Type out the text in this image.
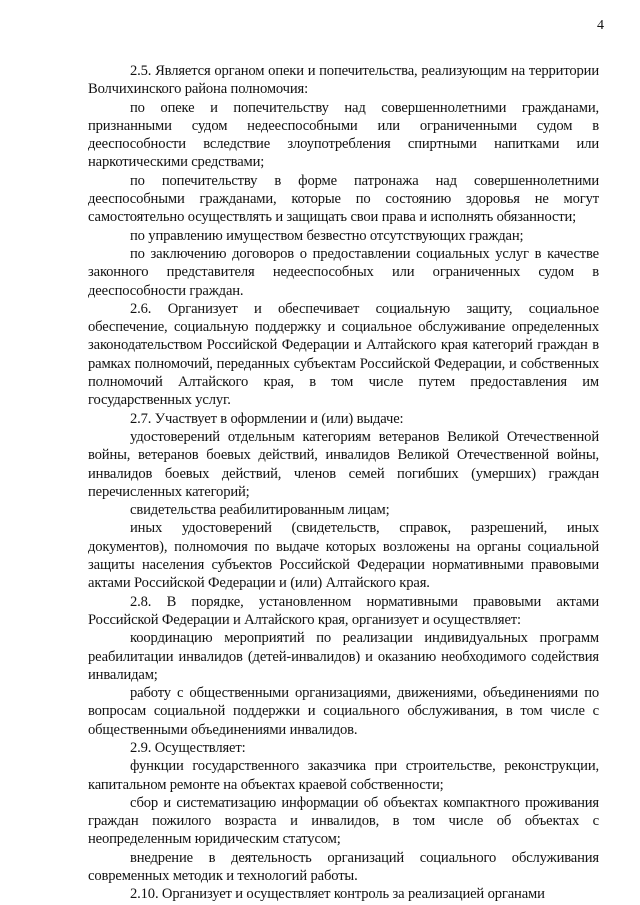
4

2.5. Является органом опеки и попечительства, реализующим на территории Волчихинского района полномочия:

по опеке и попечительству над совершеннолетними гражданами, признанными судом недееспособными или ограниченными судом в дееспособности вследствие злоупотребления спиртными напитками или наркотическими средствами;

по попечительству в форме патронажа над совершеннолетними дееспособными гражданами, которые по состоянию здоровья не могут самостоятельно осуществлять и защищать свои права и исполнять обязанности;

по управлению имуществом безвестно отсутствующих граждан;

по заключению договоров о предоставлении социальных услуг в качестве законного представителя недееспособных или ограниченных судом в дееспособности граждан.

2.6. Организует и обеспечивает социальную защиту, социальное обеспечение, социальную поддержку и социальное обслуживание определенных законодательством Российской Федерации и Алтайского края категорий граждан в рамках полномочий, переданных субъектам Российской Федерации, и собственных полномочий Алтайского края, в том числе путем предоставления им государственных услуг.

2.7. Участвует в оформлении и (или) выдаче:

удостоверений отдельным категориям ветеранов Великой Отечественной войны, ветеранов боевых действий, инвалидов Великой Отечественной войны, инвалидов боевых действий, членов семей погибших (умерших) граждан перечисленных категорий;

свидетельства реабилитированным лицам;

иных удостоверений (свидетельств, справок, разрешений, иных документов), полномочия по выдаче которых возложены на органы социальной защиты населения субъектов Российской Федерации нормативными правовыми актами Российской Федерации и (или) Алтайского края.

2.8. В порядке, установленном нормативными правовыми актами Российской Федерации и Алтайского края, организует и осуществляет:

координацию мероприятий по реализации индивидуальных программ реабилитации инвалидов (детей-инвалидов) и оказанию необходимого содействия инвалидам;

работу с общественными организациями, движениями, объединениями по вопросам социальной поддержки и социального обслуживания, в том числе с общественными объединениями инвалидов.

2.9. Осуществляет:

функции государственного заказчика при строительстве, реконструкции, капитальном ремонте на объектах краевой собственности;

сбор и систематизацию информации об объектах компактного проживания граждан пожилого возраста и инвалидов, в том числе об объектах с неопределенным юридическим статусом;

внедрение в деятельность организаций социального обслуживания современных методик и технологий работы.

2.10. Организует и осуществляет контроль за реализацией органами
